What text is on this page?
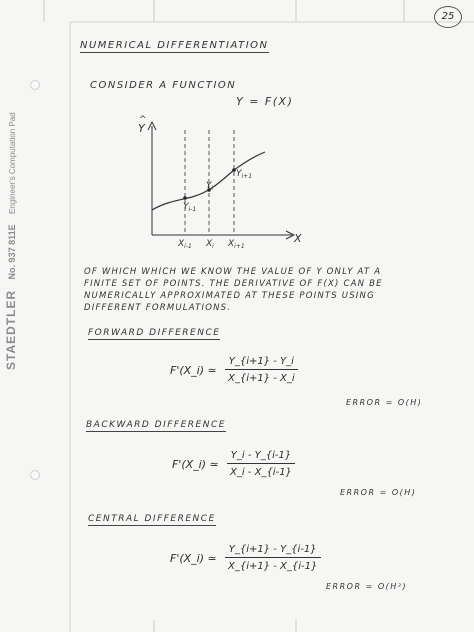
25
STAEDTLER No. 937 811E Engineer's Computation Pad
NUMERICAL DIFFERENTIATION
CONSIDER A FUNCTION
Y = F(X)
Y
^
X
$Y_{i-1}$
$Y_i$
$Y_{i+1}$
$X_{i-1}$ $X_i$ $X_{i+1}$
OF WHICH WHICH WE KNOW THE VALUE OF Y ONLY AT A FINITE SET OF POINTS. THE DERIVATIVE OF F(X) CAN BE NUMERICALLY APPROXIMATED AT THESE POINTS USING DIFFERENT FORMULATIONS.
FORWARD DIFFERENCE
F'(X_i) ≃
Y_{i+1} - Y_i
X_{i+1} - X_i
ERROR = O(H)
BACKWARD DIFFERENCE
F'(X_i) ≃
Y_i - Y_{i-1}
X_i - X_{i-1}
ERROR = O(H)
CENTRAL DIFFERENCE
F'(X_i) ≃
Y_{i+1} - Y_{i-1}
X_{i+1} - X_{i-1}
ERROR = O(H²)
